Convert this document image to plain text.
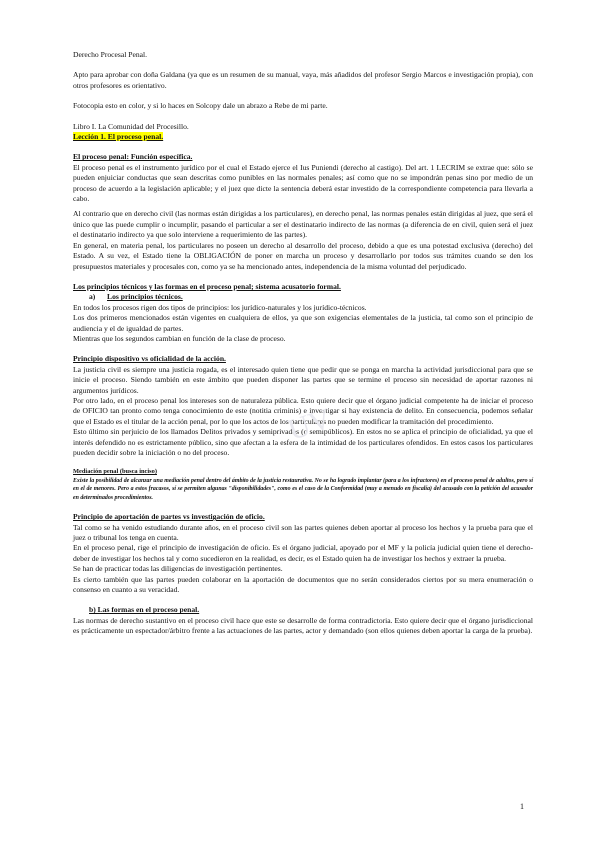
Derecho Procesal Penal.

Apto para aprobar con doña Galdana (ya que es un resumen de su manual, vaya, más añadidos del profesor Sergio Marcos e investigación propia), con otros profesores es orientativo.

Fotocopia esto en color, y si lo haces en Solcopy dale un abrazo a Rebe de mi parte.

Libro I. La Comunidad del Procesillo.

Lección 1. El proceso penal.

El proceso penal: Función específica.

El proceso penal es el instrumento jurídico por el cual el Estado ejerce el Ius Puniendi (derecho al castigo). Del art. 1 LECRIM se extrae que: sólo se pueden enjuiciar conductas que sean descritas como punibles en las normales penales; así como que no se impondrán penas sino por medio de un proceso de acuerdo a la legislación aplicable; y el juez que dicte la sentencia deberá estar investido de la correspondiente competencia para llevarla a cabo.

Al contrario que en derecho civil (las normas están dirigidas a los particulares), en derecho penal, las normas penales están dirigidas al juez, que será el único que las puede cumplir o incumplir, pasando el particular a ser el destinatario indirecto de las normas (a diferencia de en civil, quien será el juez el destinatario indirecto ya que solo interviene a requerimiento de las partes).

En general, en materia penal, los particulares no poseen un derecho al desarrollo del proceso, debido a que es una potestad exclusiva (derecho) del Estado. A su vez, el Estado tiene la OBLIGACIÓN de poner en marcha un proceso y desarrollarlo por todos sus trámites cuando se den los presupuestos materiales y procesales con, como ya se ha mencionado antes, independencia de la misma voluntad del perjudicado.

Los principios técnicos y las formas en el proceso penal; sistema acusatorio formal.

a) Los principios técnicos.

En todos los procesos rigen dos tipos de principios: los jurídico-naturales y los jurídico-técnicos.

Los dos primeros mencionados están vigentes en cualquiera de ellos, ya que son exigencias elementales de la justicia, tal como son el principio de audiencia y el de igualdad de partes.

Mientras que los segundos cambian en función de la clase de proceso.

Principio dispositivo vs oficialidad de la acción.

La justicia civil es siempre una justicia rogada, es el interesado quien tiene que pedir que se ponga en marcha la actividad jurisdiccional para que se inicie el proceso. Siendo también en este ámbito que pueden disponer las partes que se termine el proceso sin necesidad de aportar razones ni argumentos jurídicos.

Por otro lado, en el proceso penal los intereses son de naturaleza pública. Esto quiere decir que el órgano judicial competente ha de iniciar el proceso de OFICIO tan pronto como tenga conocimiento de este (notitia criminis) e investigar si hay existencia de delito. En consecuencia, podemos señalar que el Estado es el titular de la acción penal, por lo que los actos de los particulares no pueden modificar la tramitación del procedimiento.

Esto último sin perjuicio de los llamados Delitos privados y semiprivados (o semipúblicos). En estos no se aplica el principio de oficialidad, ya que el interés defendido no es estrictamente público, sino que afectan a la esfera de la intimidad de los particulares ofendidos. En estos casos los particulares pueden decidir sobre la iniciación o no del proceso.

Mediación penal (busca inciso)

Existe la posibilidad de alcanzar una mediación penal dentro del ámbito de la justicia restaurativa. No se ha logrado implantar (para a los infractores) en el proceso penal de adultos, pero sí en el de menores. Pero a estos fracasos, sí se permiten algunas "disponibilidades", como es el caso de la Conformidad (muy a menudo en fiscalía) del acusado con la petición del acusador en determinados procedimientos.

Principio de aportación de partes vs investigación de oficio.

Tal como se ha venido estudiando durante años, en el proceso civil son las partes quienes deben aportar al proceso los hechos y la prueba para que el juez o tribunal los tenga en cuenta.

En el proceso penal, rige el principio de investigación de oficio. Es el órgano judicial, apoyado por el MF y la policía judicial quien tiene el derecho-deber de investigar los hechos tal y como sucedieron en la realidad, es decir, es el Estado quien ha de investigar los hechos y extraer la prueba.

Se han de practicar todas las diligencias de investigación pertinentes.

Es cierto también que las partes pueden colaborar en la aportación de documentos que no serán considerados ciertos por su mera enumeración o consenso en cuanto a su veracidad.

b) Las formas en el proceso penal.

Las normas de derecho sustantivo en el proceso civil hace que este se desarrolle de forma contradictoria. Esto quiere decir que el órgano jurisdiccional es prácticamente un espectador/árbitro frente a las actuaciones de las partes, actor y demandado (son ellos quienes deben aportar la carga de la prueba).

UV
1
